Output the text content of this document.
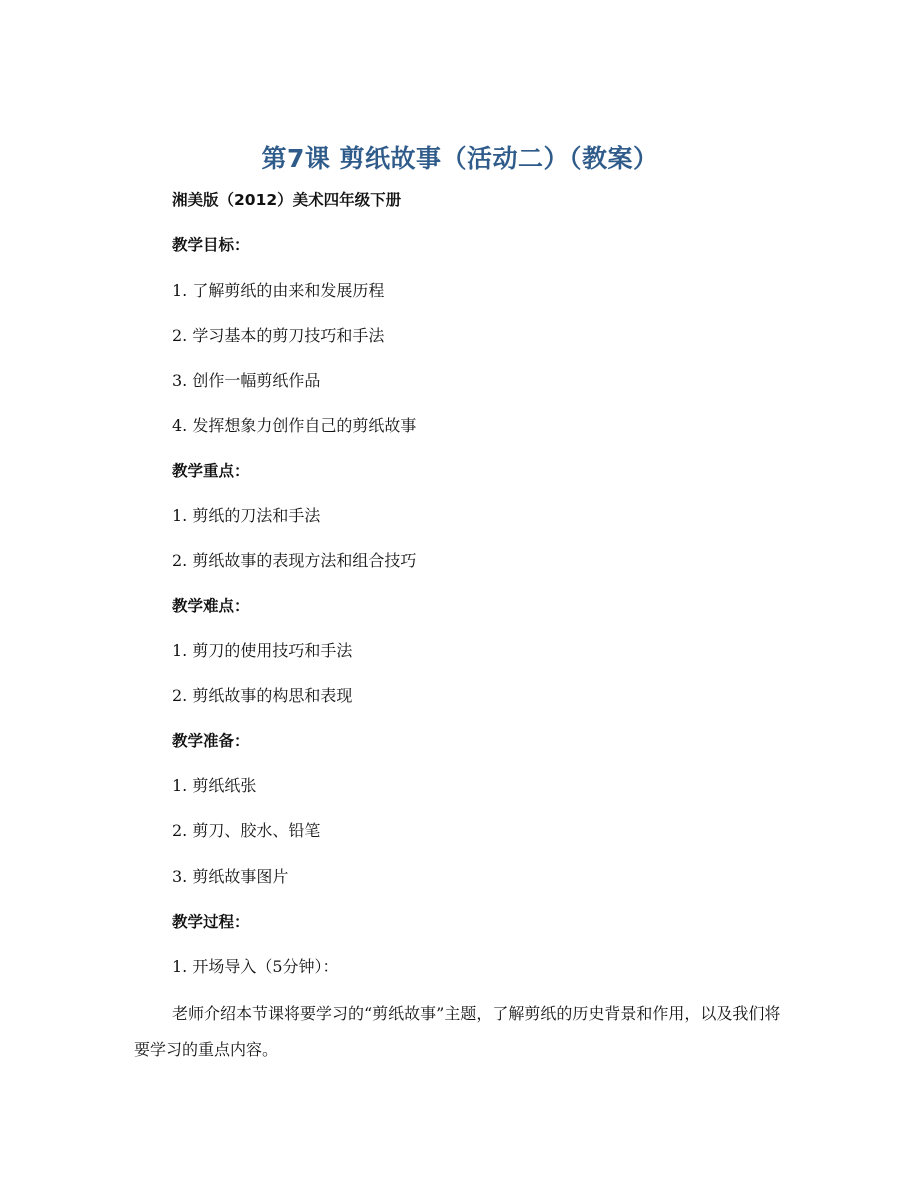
第7课 剪纸故事（活动二）（教案）
湘美版（2012）美术四年级下册
教学目标：
1. 了解剪纸的由来和发展历程
2. 学习基本的剪刀技巧和手法
3. 创作一幅剪纸作品
4. 发挥想象力创作自己的剪纸故事
教学重点：
1. 剪纸的刀法和手法
2. 剪纸故事的表现方法和组合技巧
教学难点：
1. 剪刀的使用技巧和手法
2. 剪纸故事的构思和表现
教学准备：
1. 剪纸纸张
2. 剪刀、胶水、铅笔
3. 剪纸故事图片
教学过程：
1. 开场导入（5分钟）：
老师介绍本节课将要学习的“剪纸故事”主题，了解剪纸的历史背景和作用，以及我们将要学习的重点内容。
